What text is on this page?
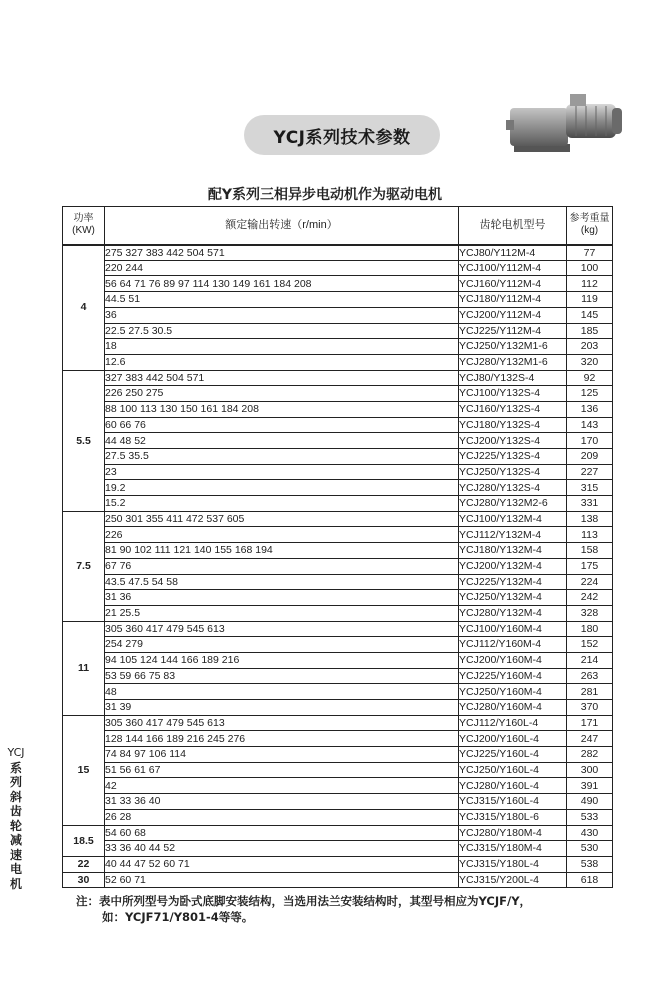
YCJ系列技术参数
配Y系列三相异步电动机作为驱动电机
功率
(KW)	额定输出转速（r/min）	齿轮电机型号	参考重量
(kg)
4	275 327 383 442 504 571	YCJ80/Y112M-4	77
	220 244	YCJ100/Y112M-4	100
	56 64 71 76 89 97 114 130 149 161 184 208	YCJ160/Y112M-4	112
	44.5 51	YCJ180/Y112M-4	119
	36	YCJ200/Y112M-4	145
	22.5 27.5 30.5	YCJ225/Y112M-4	185
	18	YCJ250/Y132M1-6	203
	12.6	YCJ280/Y132M1-6	320
5.5	327 383 442 504 571	YCJ80/Y132S-4	92
	226 250 275	YCJ100/Y132S-4	125
	88 100 113 130 150 161 184 208	YCJ160/Y132S-4	136
	60 66 76	YCJ180/Y132S-4	143
	44 48 52	YCJ200/Y132S-4	170
	27.5 35.5	YCJ225/Y132S-4	209
	23	YCJ250/Y132S-4	227
	19.2	YCJ280/Y132S-4	315
	15.2	YCJ280/Y132M2-6	331
7.5	250 301 355 411 472 537 605	YCJ100/Y132M-4	138
	226	YCJ112/Y132M-4	113
	81 90 102 111 121 140 155 168 194	YCJ180/Y132M-4	158
	67 76	YCJ200/Y132M-4	175
	43.5 47.5 54 58	YCJ225/Y132M-4	224
	31 36	YCJ250/Y132M-4	242
	21 25.5	YCJ280/Y132M-4	328
11	305 360 417 479 545 613	YCJ100/Y160M-4	180
	254 279	YCJ112/Y160M-4	152
	94 105 124 144 166 189 216	YCJ200/Y160M-4	214
	53 59 66 75 83	YCJ225/Y160M-4	263
	48	YCJ250/Y160M-4	281
	31 39	YCJ280/Y160M-4	370
15	305 360 417 479 545 613	YCJ112/Y160L-4	171
	128 144 166 189 216 245 276	YCJ200/Y160L-4	247
	74 84 97 106 114	YCJ225/Y160L-4	282
	51 56 61 67	YCJ250/Y160L-4	300
	42	YCJ280/Y160L-4	391
	31 33 36 40	YCJ315/Y160L-4	490
	26 28	YCJ315/Y180L-6	533
18.5	54 60 68	YCJ280/Y180M-4	430
	33 36 40 44 52	YCJ315/Y180M-4	530
22	40 44 47 52 60 71	YCJ315/Y180L-4	538
30	52 60 71	YCJ315/Y200L-4	618
YCJ
系
列
斜
齿
轮
减
速
电
机
注：表中所列型号为卧式底脚安装结构，当选用法兰安装结构时，其型号相应为YCJF/Y，
如：YCJF71/Y801-4等等。
